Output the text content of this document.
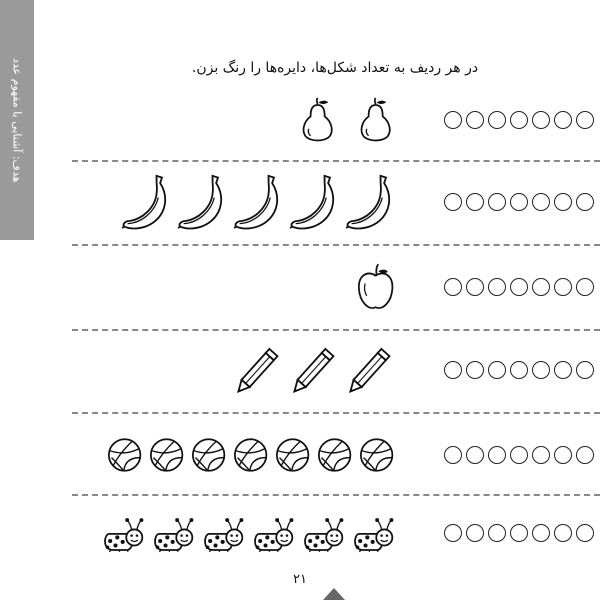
هدف: آشنایی با مفهوم عدد	در هر ردیف به تعداد شکل‌ها، دایره‌ها را رنگ بزن.
۲۱
